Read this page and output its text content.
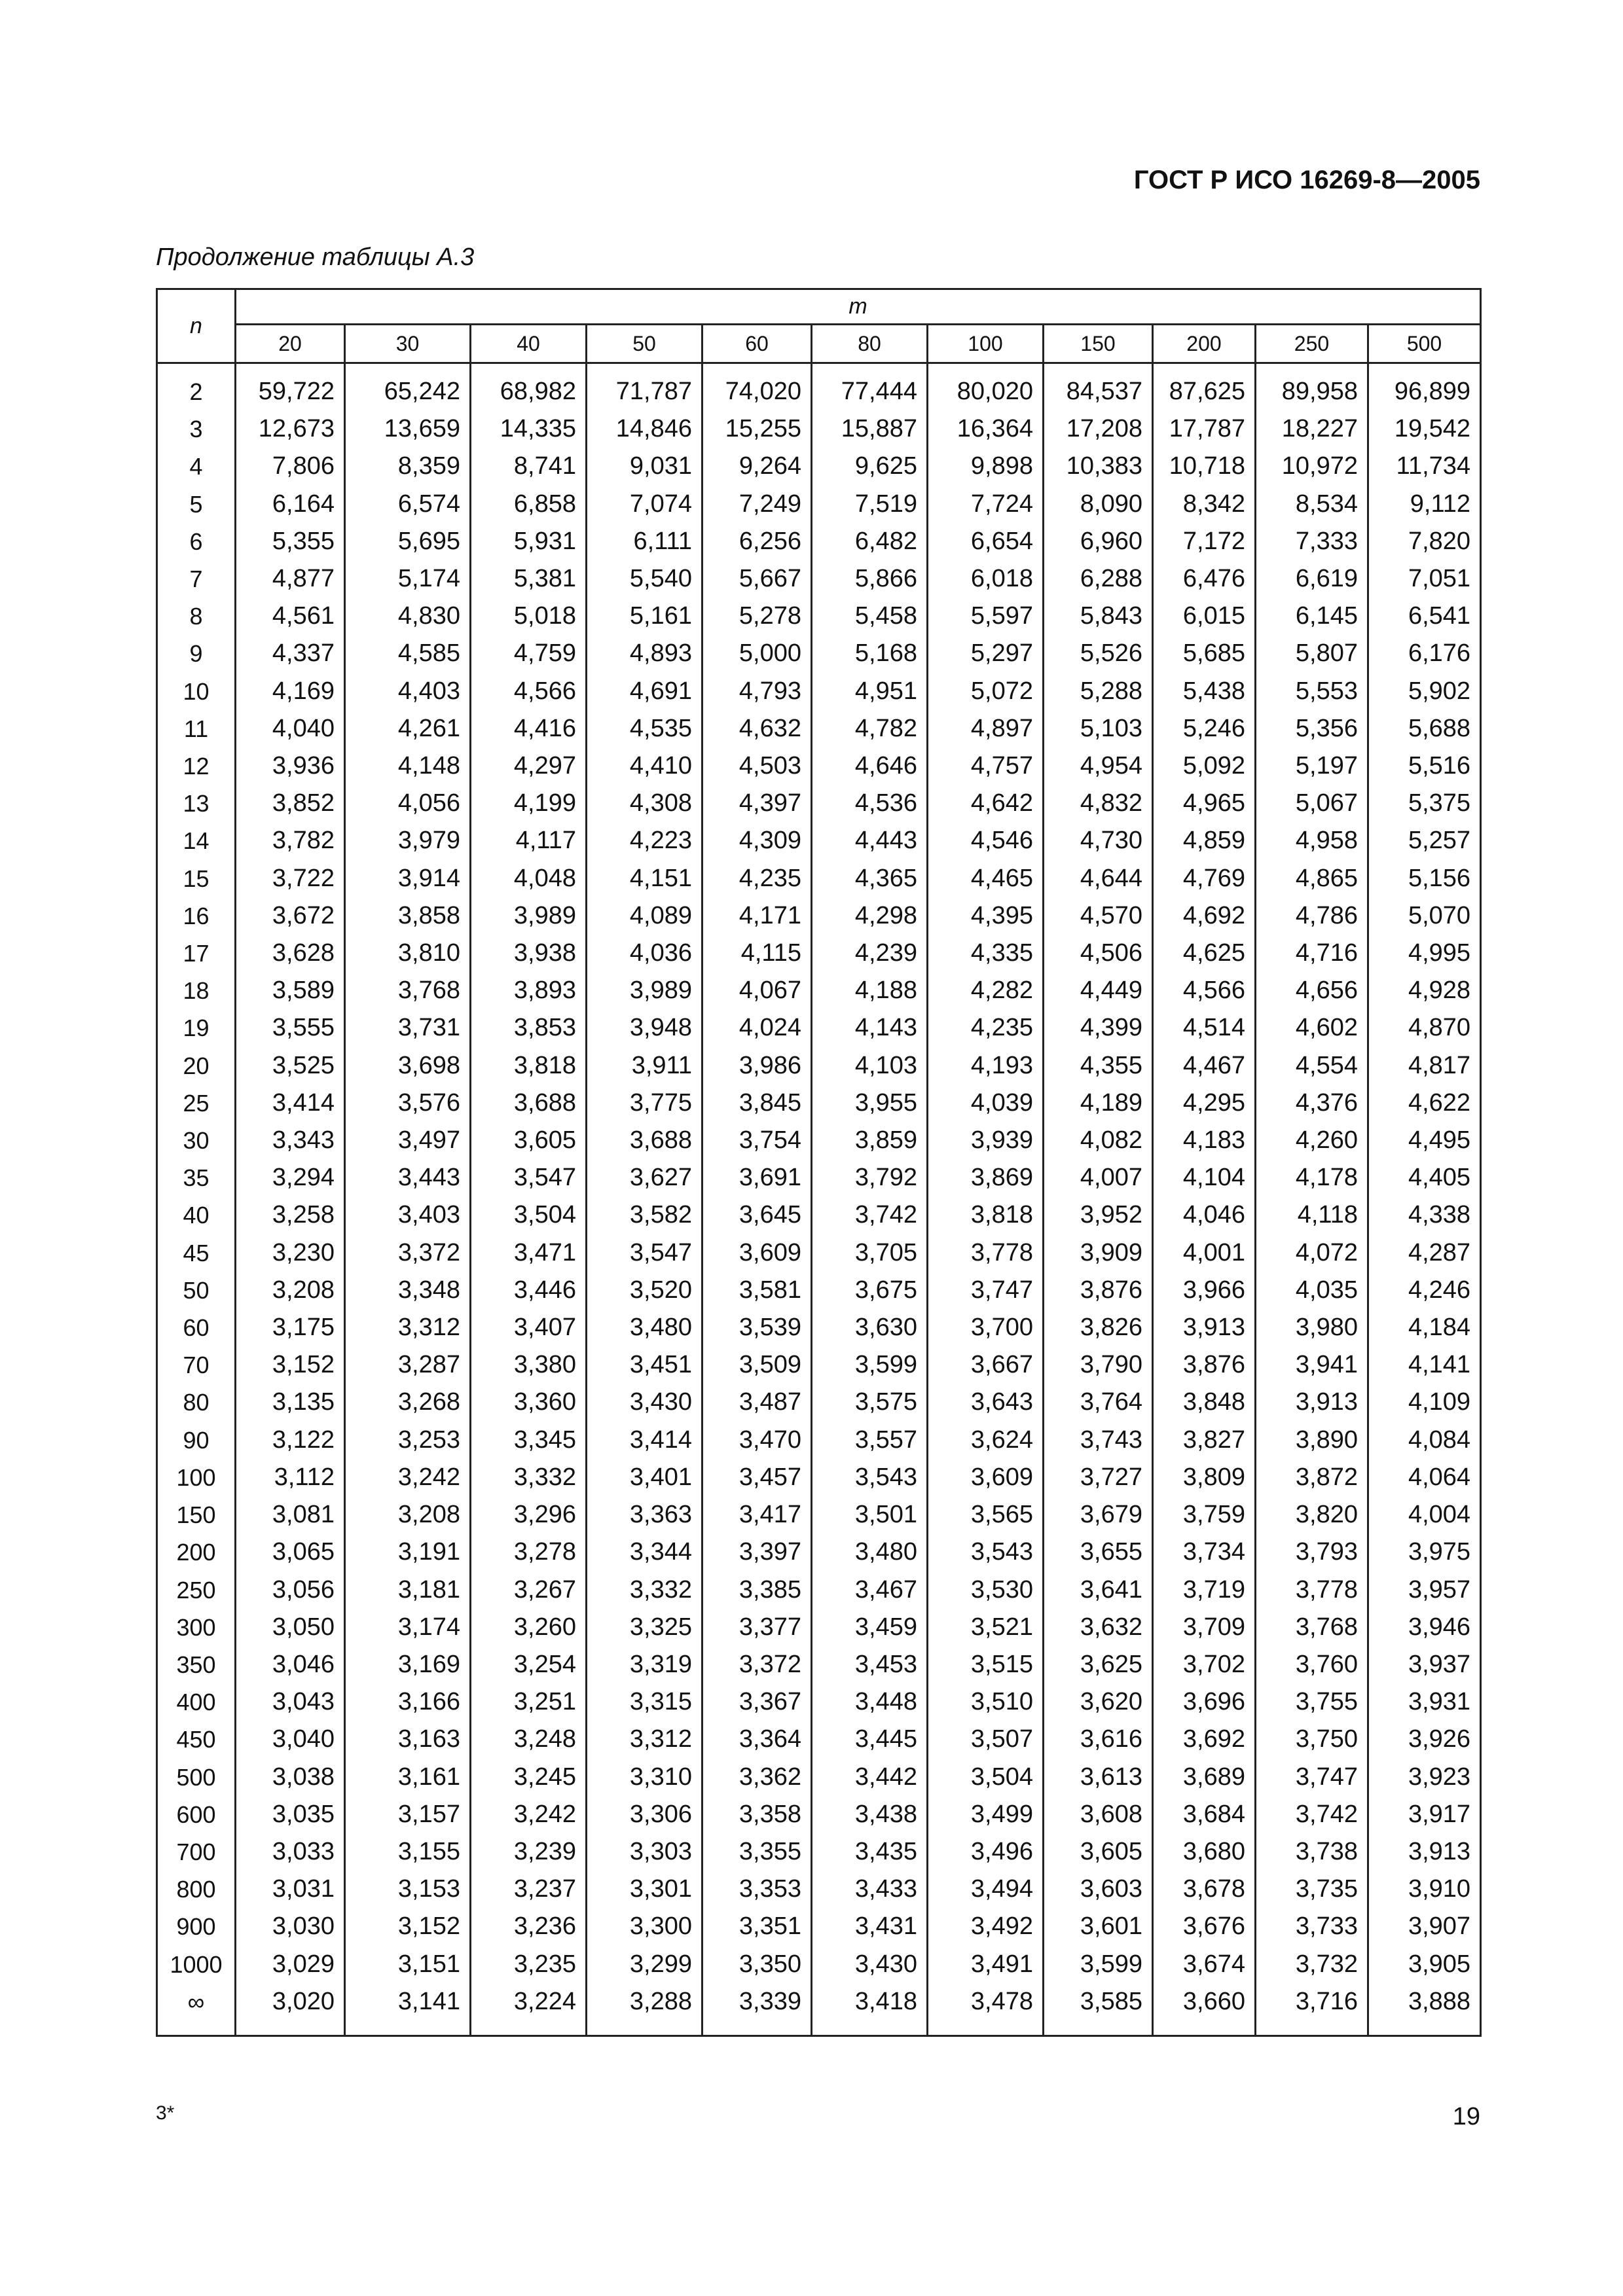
ГОСТ Р ИСО 16269-8—2005
Продолжение таблицы А.3
n	m										
	20	30	40	50	60	80	100	150	200	250	500
2	59,722	65,242	68,982	71,787	74,020	77,444	80,020	84,537	87,625	89,958	96,899
3	12,673	13,659	14,335	14,846	15,255	15,887	16,364	17,208	17,787	18,227	19,542
4	7,806	8,359	8,741	9,031	9,264	9,625	9,898	10,383	10,718	10,972	11,734
5	6,164	6,574	6,858	7,074	7,249	7,519	7,724	8,090	8,342	8,534	9,112
6	5,355	5,695	5,931	6,111	6,256	6,482	6,654	6,960	7,172	7,333	7,820
7	4,877	5,174	5,381	5,540	5,667	5,866	6,018	6,288	6,476	6,619	7,051
8	4,561	4,830	5,018	5,161	5,278	5,458	5,597	5,843	6,015	6,145	6,541
9	4,337	4,585	4,759	4,893	5,000	5,168	5,297	5,526	5,685	5,807	6,176
10	4,169	4,403	4,566	4,691	4,793	4,951	5,072	5,288	5,438	5,553	5,902
11	4,040	4,261	4,416	4,535	4,632	4,782	4,897	5,103	5,246	5,356	5,688
12	3,936	4,148	4,297	4,410	4,503	4,646	4,757	4,954	5,092	5,197	5,516
13	3,852	4,056	4,199	4,308	4,397	4,536	4,642	4,832	4,965	5,067	5,375
14	3,782	3,979	4,117	4,223	4,309	4,443	4,546	4,730	4,859	4,958	5,257
15	3,722	3,914	4,048	4,151	4,235	4,365	4,465	4,644	4,769	4,865	5,156
16	3,672	3,858	3,989	4,089	4,171	4,298	4,395	4,570	4,692	4,786	5,070
17	3,628	3,810	3,938	4,036	4,115	4,239	4,335	4,506	4,625	4,716	4,995
18	3,589	3,768	3,893	3,989	4,067	4,188	4,282	4,449	4,566	4,656	4,928
19	3,555	3,731	3,853	3,948	4,024	4,143	4,235	4,399	4,514	4,602	4,870
20	3,525	3,698	3,818	3,911	3,986	4,103	4,193	4,355	4,467	4,554	4,817
25	3,414	3,576	3,688	3,775	3,845	3,955	4,039	4,189	4,295	4,376	4,622
30	3,343	3,497	3,605	3,688	3,754	3,859	3,939	4,082	4,183	4,260	4,495
35	3,294	3,443	3,547	3,627	3,691	3,792	3,869	4,007	4,104	4,178	4,405
40	3,258	3,403	3,504	3,582	3,645	3,742	3,818	3,952	4,046	4,118	4,338
45	3,230	3,372	3,471	3,547	3,609	3,705	3,778	3,909	4,001	4,072	4,287
50	3,208	3,348	3,446	3,520	3,581	3,675	3,747	3,876	3,966	4,035	4,246
60	3,175	3,312	3,407	3,480	3,539	3,630	3,700	3,826	3,913	3,980	4,184
70	3,152	3,287	3,380	3,451	3,509	3,599	3,667	3,790	3,876	3,941	4,141
80	3,135	3,268	3,360	3,430	3,487	3,575	3,643	3,764	3,848	3,913	4,109
90	3,122	3,253	3,345	3,414	3,470	3,557	3,624	3,743	3,827	3,890	4,084
100	3,112	3,242	3,332	3,401	3,457	3,543	3,609	3,727	3,809	3,872	4,064
150	3,081	3,208	3,296	3,363	3,417	3,501	3,565	3,679	3,759	3,820	4,004
200	3,065	3,191	3,278	3,344	3,397	3,480	3,543	3,655	3,734	3,793	3,975
250	3,056	3,181	3,267	3,332	3,385	3,467	3,530	3,641	3,719	3,778	3,957
300	3,050	3,174	3,260	3,325	3,377	3,459	3,521	3,632	3,709	3,768	3,946
350	3,046	3,169	3,254	3,319	3,372	3,453	3,515	3,625	3,702	3,760	3,937
400	3,043	3,166	3,251	3,315	3,367	3,448	3,510	3,620	3,696	3,755	3,931
450	3,040	3,163	3,248	3,312	3,364	3,445	3,507	3,616	3,692	3,750	3,926
500	3,038	3,161	3,245	3,310	3,362	3,442	3,504	3,613	3,689	3,747	3,923
600	3,035	3,157	3,242	3,306	3,358	3,438	3,499	3,608	3,684	3,742	3,917
700	3,033	3,155	3,239	3,303	3,355	3,435	3,496	3,605	3,680	3,738	3,913
800	3,031	3,153	3,237	3,301	3,353	3,433	3,494	3,603	3,678	3,735	3,910
900	3,030	3,152	3,236	3,300	3,351	3,431	3,492	3,601	3,676	3,733	3,907
1000	3,029	3,151	3,235	3,299	3,350	3,430	3,491	3,599	3,674	3,732	3,905
∞	3,020	3,141	3,224	3,288	3,339	3,418	3,478	3,585	3,660	3,716	3,888
3*	19
